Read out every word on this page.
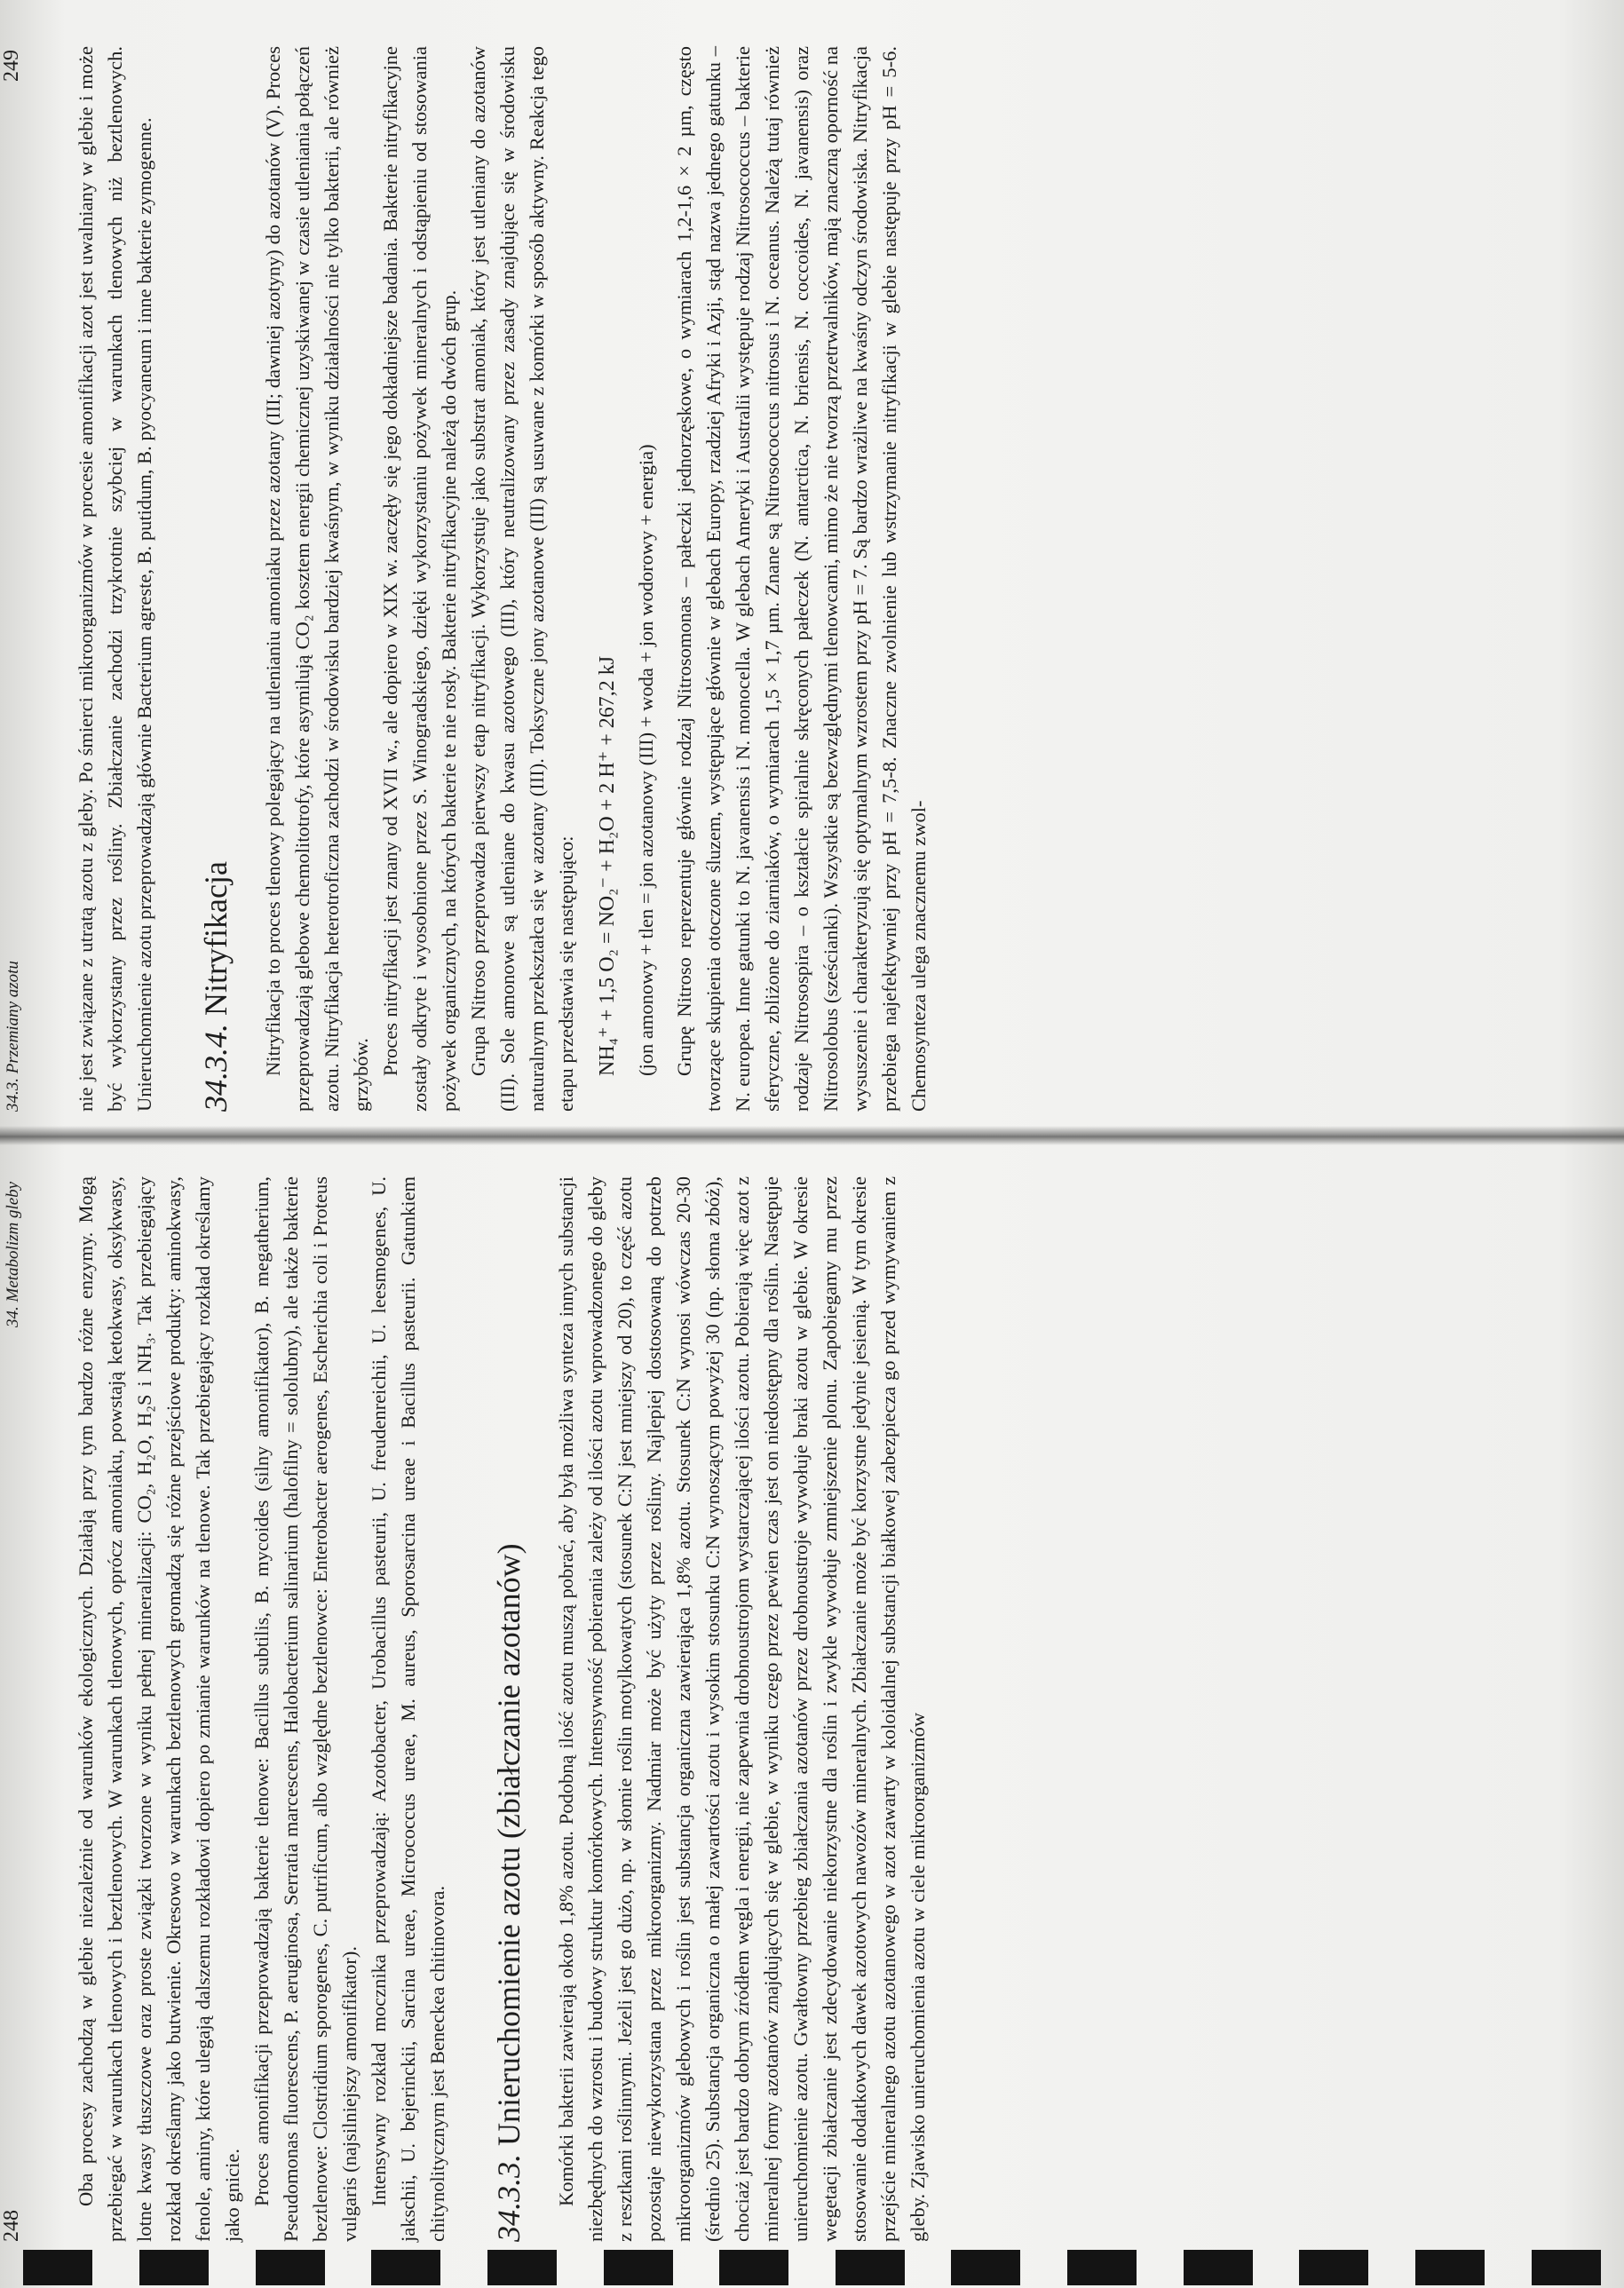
34.3. Przemiany azotu
249	nie jest związane z utratą azotu z gleby. Po śmierci mikroorganizmów w procesie amonifikacji azot jest uwalniany w glebie i może być wykorzystany przez rośliny. Zbiałczanie zachodzi trzykrotnie szybciej w warunkach tlenowych niż beztlenowych. Unieruchomienie azotu przeprowadzają głównie Bacterium agreste, B. putidum, B. pyocyaneum i inne bakterie zymogenne. 34.3.4. Nitryfikacja Nitryfikacja to proces tlenowy polegający na utlenianiu amoniaku przez azotany (III; dawniej azotyny) do azotanów (V). Proces przeprowadzają glebowe chemolitotrofy, które asymilują CO₂ kosztem energii chemicznej uzyskiwanej w czasie utleniania połączeń azotu. Nitryfikacja heterotroficzna zachodzi w środowisku bardziej kwaśnym, w wyniku działalności nie tylko bakterii, ale również grzybów. Proces nitryfikacji jest znany od XVII w., ale dopiero w XIX w. zaczęły się jego dokładniejsze badania. Bakterie nitryfikacyjne zostały odkryte i wyosobnione przez S. Winogradskiego, dzięki wykorzystaniu pożywek mineralnych i odstąpieniu od stosowania pożywek organicznych, na których bakterie te nie rosły. Bakterie nitryfikacyjne należą do dwóch grup. Grupa Nitroso przeprowadza pierwszy etap nitryfikacji. Wykorzystuje jako substrat amoniak, który jest utleniany do azotanów (III). Sole amonowe są utleniane do kwasu azotowego (III), który neutralizowany przez zasady znajdujące się w środowisku naturalnym przekształca się w azotany (III). Toksyczne jony azotanowe (III) są usuwane z komórki w sposób aktywny. Reakcja tego etapu przedstawia się następująco: NH₄⁺ + 1,5 O₂ = NO₂⁻ + H₂O + 2 H⁺ + 267,2 kJ (jon amonowy + tlen = jon azotanowy (III) + woda + jon wodorowy + energia) Grupę Nitroso reprezentuje głównie rodzaj Nitrosomonas – pałeczki jednorzęskowe, o wymiarach 1,2-1,6 × 2 µm, często tworzące skupienia otoczone śluzem, występujące głównie w glebach Europy, rzadziej Afryki i Azji, stąd nazwa jednego gatunku – N. europea. Inne gatunki to N. javanensis i N. monocella. W glebach Ameryki i Australii występuje rodzaj Nitrosococcus – bakterie sferyczne, zbliżone do ziarniaków, o wymiarach 1,5 × 1,7 µm. Znane są Nitrosococcus nitrosus i N. oceanus. Należą tutaj również rodzaje Nitrosospira – o kształcie spiralnie skręconych pałeczek (N. antarctica, N. briensis, N. coccoides, N. javanensis) oraz Nitrosolobus (sześcianki). Wszystkie są bezwzględnymi tlenowcami, mimo że nie tworzą przetrwalników, mają znaczną oporność na wysuszenie i charakteryzują się optymalnym wzrostem przy pH = 7. Są bardzo wrażliwe na kwaśny odczyn środowiska. Nitryfikacja przebiega najefektywniej przy pH = 7,5-8. Znaczne zwolnienie lub wstrzymanie nitryfikacji w glebie następuje przy pH = 5-6. Chemosynteza ulega znacznemu zwol-

248
34. Metabolizm gleby	Oba procesy zachodzą w glebie niezależnie od warunków ekologicznych. Działają przy tym bardzo różne enzymy. Mogą przebiegać w warunkach tlenowych i beztlenowych. W warunkach tlenowych, oprócz amoniaku, powstają ketokwasy, oksykwasy, lotne kwasy tłuszczowe oraz proste związki tworzone w wyniku pełnej mineralizacji: CO₂, H₂O, H₂S i NH₃. Tak przebiegający rozkład określamy jako butwienie. Okresowo w warunkach beztlenowych gromadzą się różne przejściowe produkty: aminokwasy, fenole, aminy, które ulegają dalszemu rozkładowi dopiero po zmianie warunków na tlenowe. Tak przebiegający rozkład określamy jako gnicie. Proces amonifikacji przeprowadzają bakterie tlenowe: Bacillus subtilis, B. mycoides (silny amonifikator), B. megatherium, Pseudomonas fluorescens, P. aeruginosa, Serratia marcescens, Halobacterium salinarium (halofilny = sololubny), ale także bakterie beztlenowe: Clostridium sporogenes, C. putrificum, albo względne beztlenowce: Enterobacter aerogenes, Escherichia coli i Proteus vulgaris (najsilniejszy amonifikator). Intensywny rozkład mocznika przeprowadzają: Azotobacter, Urobacillus pasteurii, U. freudenreichii, U. leesmogenes, U. jakschii, U. bejerinckii, Sarcina ureae, Micrococcus ureae, M. aureus, Sporosarcina ureae i Bacillus pasteurii. Gatunkiem chitynolitycznym jest Beneckea chitinovora. 34.3.3. Unieruchomienie azotu (zbiałczanie azotanów) Komórki bakterii zawierają około 1,8% azotu. Podobną ilość azotu muszą pobrać, aby była możliwa synteza innych substancji niezbędnych do wzrostu i budowy struktur komórkowych. Intensywność pobierania zależy od ilości azotu wprowadzonego do gleby z resztkami roślinnymi. Jeżeli jest go dużo, np. w słomie roślin motylkowatych (stosunek C:N jest mniejszy od 20), to część azotu pozostaje niewykorzystana przez mikroorganizmy. Nadmiar może być użyty przez rośliny. Najlepiej dostosowaną do potrzeb mikroorganizmów glebowych i roślin jest substancja organiczna zawierająca 1,8% azotu. Stosunek C:N wynosi wówczas 20-30 (średnio 25). Substancja organiczna o małej zawartości azotu i wysokim stosunku C:N wynoszącym powyżej 30 (np. słoma zbóż), chociaż jest bardzo dobrym źródłem węgla i energii, nie zapewnia drobnoustrojom wystarczającej ilości azotu. Pobierają więc azot z mineralnej formy azotanów znajdujących się w glebie, w wyniku czego przez pewien czas jest on niedostępny dla roślin. Następuje unieruchomienie azotu. Gwałtowny przebieg zbiałczania azotanów przez drobnoustroje wywołuje braki azotu w glebie. W okresie wegetacji zbiałczanie jest zdecydowanie niekorzystne dla roślin i zwykle wywołuje zmniejszenie plonu. Zapobiegamy mu przez stosowanie dodatkowych dawek azotowych nawozów mineralnych. Zbiałczanie może być korzystne jedynie jesienią. W tym okresie przejście mineralnego azotu azotanowego w azot zawarty w koloidalnej substancji białkowej zabezpiecza go przed wymywaniem z gleby. Zjawisko unieruchomienia azotu w ciele mikroorganizmów
